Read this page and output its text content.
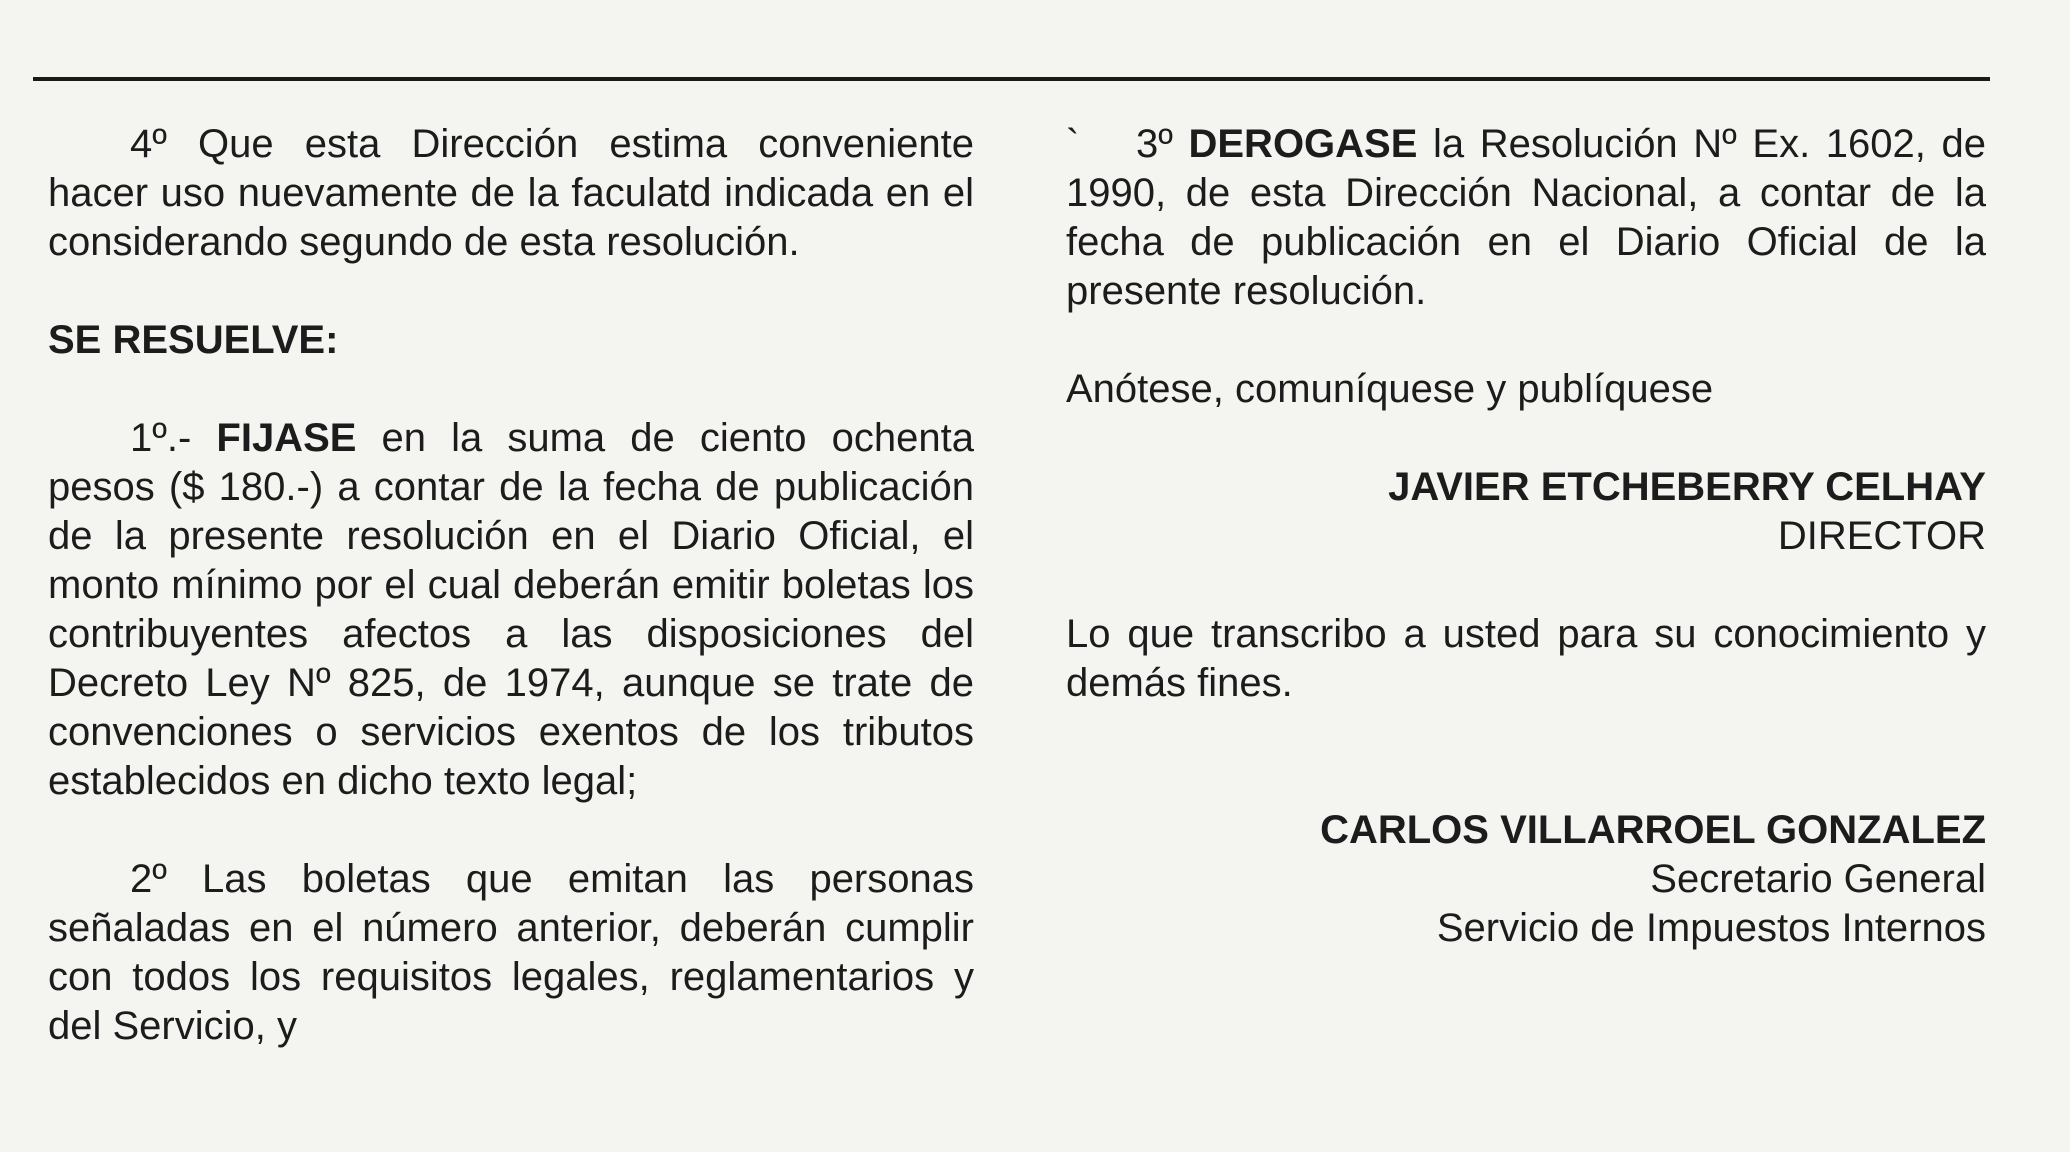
4º Que esta Dirección estima conveniente hacer uso nuevamente de la faculatd indicada en el considerando segundo de esta resolución.

SE RESUELVE:

1º.- FIJASE en la suma de ciento ochenta pesos ($ 180.-) a contar de la fecha de publicación de la presente resolución en el Diario Oficial, el monto mínimo por el cual deberán emitir boletas los contribuyentes afectos a las disposiciones del Decreto Ley Nº 825, de 1974, aunque se trate de convenciones o servicios exentos de los tributos establecidos en dicho texto legal;

2º Las boletas que emitan las personas señaladas en el número anterior, deberán cumplir con todos los requisitos legales, reglamentarios y del Servicio, y

` 3º DEROGASE la Resolución Nº Ex. 1602, de 1990, de esta Dirección Nacional, a contar de la fecha de publicación en el Diario Oficial de la presente resolución.

Anótese, comuníquese y publíquese

JAVIER ETCHEBERRY CELHAY

DIRECTOR

Lo que transcribo a usted para su conocimiento y demás fines.

CARLOS VILLARROEL GONZALEZ

Secretario General

Servicio de Impuestos Internos
